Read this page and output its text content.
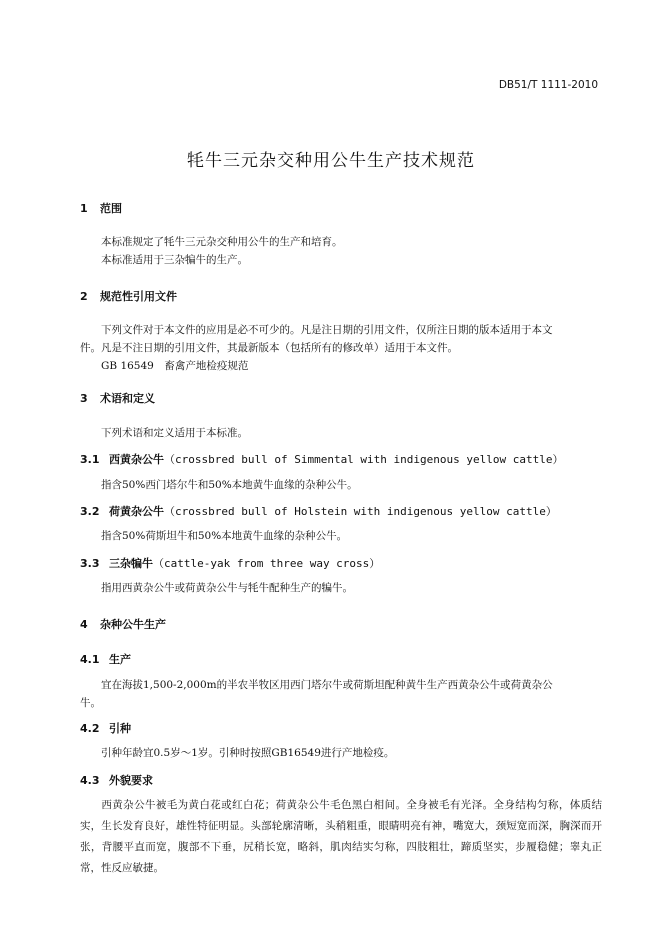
DB51/T 1111-2010
牦牛三元杂交种用公牛生产技术规范
1 范围
本标准规定了牦牛三元杂交种用公牛的生产和培育。
本标准适用于三杂犏牛的生产。
2 规范性引用文件
下列文件对于本文件的应用是必不可少的。凡是注日期的引用文件，仅所注日期的版本适用于本文
件。凡是不注日期的引用文件，其最新版本（包括所有的修改单）适用于本文件。
GB 16549　畜禽产地检疫规范
3 术语和定义
下列术语和定义适用于本标准。
3.1 西黄杂公牛（crossbred bull of Simmental with indigenous yellow cattle）
指含50%西门塔尔牛和50%本地黄牛血缘的杂种公牛。
3.2 荷黄杂公牛（crossbred bull of Holstein with indigenous yellow cattle）
指含50%荷斯坦牛和50%本地黄牛血缘的杂种公牛。
3.3 三杂犏牛（cattle-yak from three way cross）
指用西黄杂公牛或荷黄杂公牛与牦牛配种生产的犏牛。
4 杂种公牛生产
4.1 生产
宜在海拔1,500-2,000m的半农半牧区用西门塔尔牛或荷斯坦配种黄牛生产西黄杂公牛或荷黄杂公
牛。
4.2 引种
引种年龄宜0.5岁～1岁。引种时按照GB16549进行产地检疫。
4.3 外貌要求
西黄杂公牛被毛为黄白花或红白花；荷黄杂公牛毛色黑白相间。全身被毛有光泽。全身结构匀称，体质结实，生长发育良好，雄性特征明显。头部轮廓清晰，头稍粗重，眼睛明亮有神，嘴宽大，颈短宽而深，胸深而开张，背腰平直而宽，腹部不下垂，尻稍长宽，略斜，肌肉结实匀称，四肢粗壮，蹄质坚实，步履稳健；睾丸正常，性反应敏捷。
